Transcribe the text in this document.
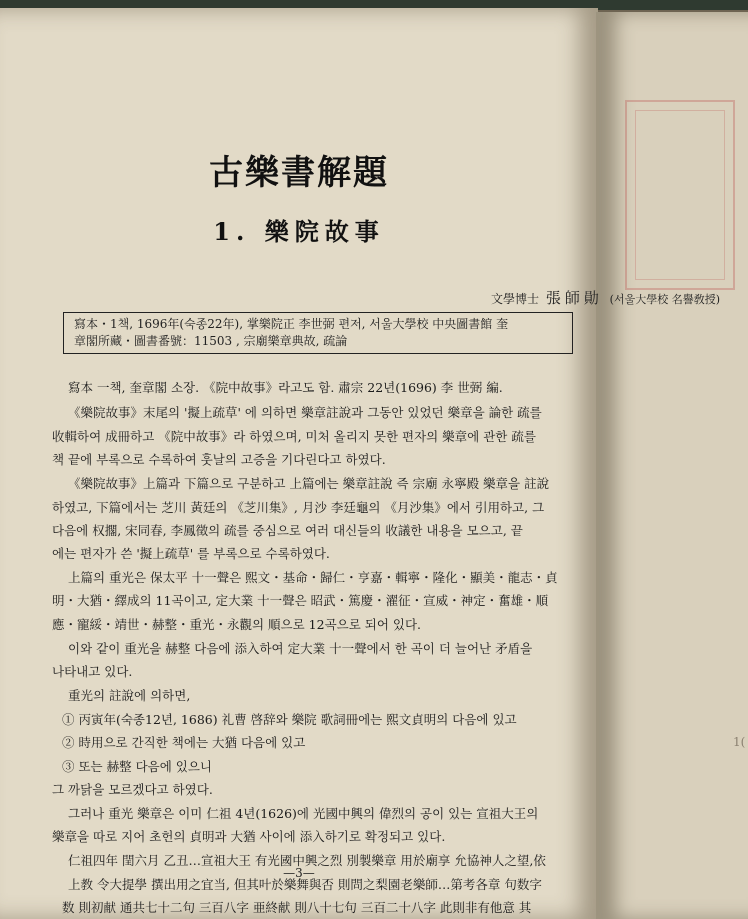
古樂書解題
1. 樂院故事
文學博士 張師勛 (서울大學校 名譽敎授)
寫本・1책, 1696年(숙종22年), 掌樂院正 李世弼 편저, 서울大學校 中央圖書館 奎
章閣所藏・圖書番號：11503 , 宗廟樂章典故, 疏論
寫本 一책, 奎章閣 소장. 《院中故事》라고도 함. 肅宗 22년(1696) 李 世弼 編.
《樂院故事》末尾의 '擬上疏草' 에 의하면 樂章註說과 그동안 있었던 樂章을 論한 疏를
收輯하여 成冊하고 《院中故事》라 하였으며, 미처 올리지 못한 편자의 樂章에 관한 疏를
책 끝에 부록으로 수록하여 훗날의 고증을 기다린다고 하였다.
《樂院故事》上篇과 下篇으로 구분하고 上篇에는 樂章註說 즉 宗廟 永寧殿 樂章을 註說
하였고, 下篇에서는 芝川 黃廷의 《芝川集》, 月沙 李廷龜의 《月沙集》에서 引用하고, 그
다음에 权擱, 宋同春, 李鳳徵의 疏를 중심으로 여러 대신들의 收議한 내용을 모으고, 끝
에는 편자가 쓴 '擬上疏草' 를 부록으로 수록하였다.
上篇의 重光은 保太平 十一聲은 熙文・基命・歸仁・亨嘉・輯寧・隆化・顯美・龍志・貞
明・大猶・繹成의 11곡이고, 定大業 十一聲은 昭武・篤慶・濯征・宣威・神定・奮雄・順
應・寵綏・靖世・赫整・重光・永觀의 順으로 12곡으로 되어 있다.
이와 같이 重光을 赫整 다음에 添入하여 定大業 十一聲에서 한 곡이 더 늘어난 矛盾을
나타내고 있다.
重光의 註說에 의하면,
① 丙寅年(숙종12년, 1686) 礼曹 啓辞와 樂院 歌詞冊에는 熙文貞明의 다음에 있고
② 時用으로 간직한 책에는 大猶 다음에 있고
③ 또는 赫整 다음에 있으니
그 까닭을 모르겠다고 하였다.
그러나 重光 樂章은 이미 仁祖 4년(1626)에 光國中興의 偉烈의 공이 있는 宣祖大王의
樂章을 따로 지어 초헌의 貞明과 大猶 사이에 添入하기로 확정되고 있다.
仁祖四年 閏六月 乙丑…宣祖大王 有光國中興之烈 別製樂章 用於廟享 允協神人之望,依
上教 令大提學 撰出用之宜当, 但其叶於樂舞與否 則問之梨園老樂師…第考各章 句数字
数 則初献 通共七十二句 三百八字 亜終献 則八十七句 三百二十八字 此則非有他意 其
—3—
1(
